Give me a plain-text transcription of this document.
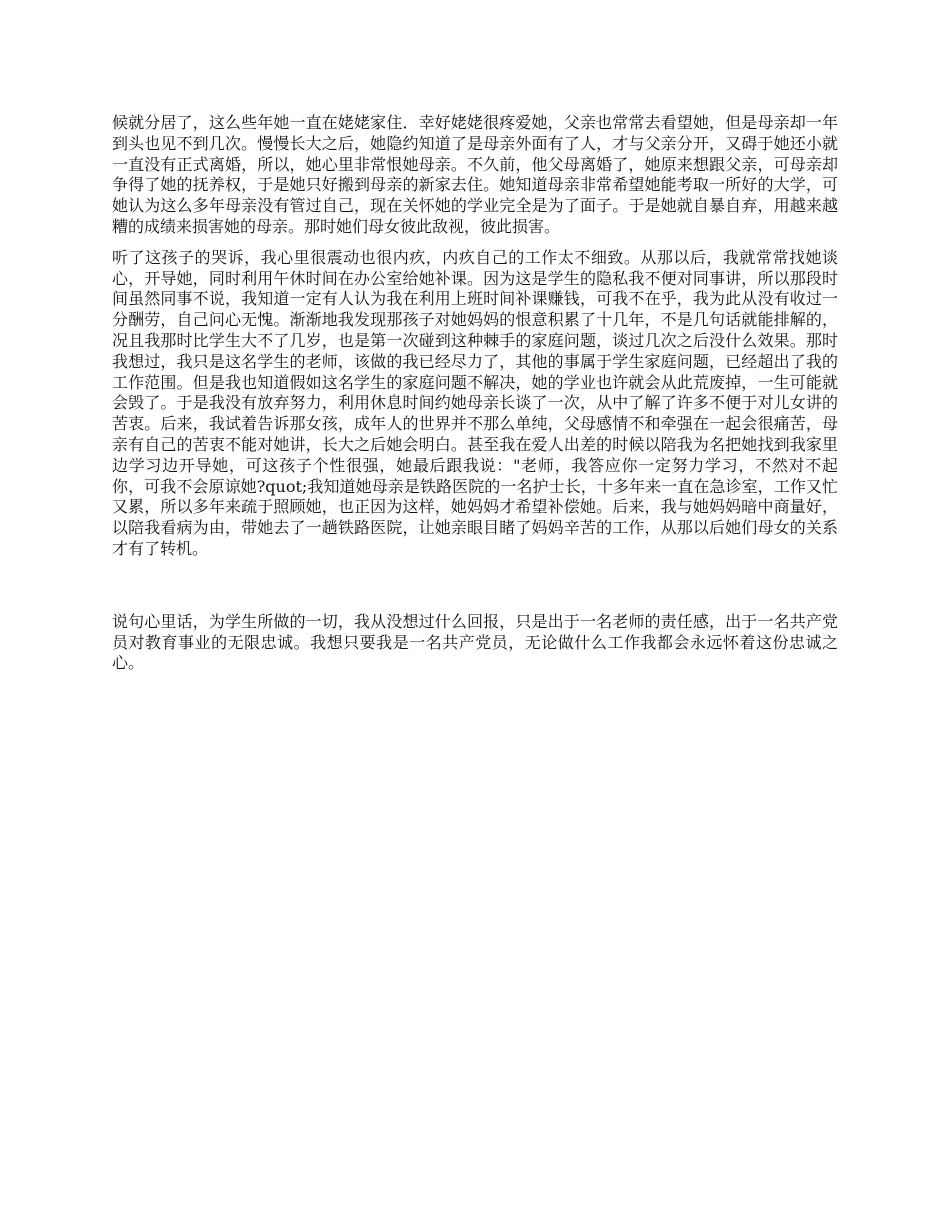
候就分居了，这么些年她一直在姥姥家住．幸好姥姥很疼爱她，父亲也常常去看望她，但是母亲却一年到头也见不到几次。慢慢长大之后，她隐约知道了是母亲外面有了人，才与父亲分开，又碍于她还小就一直没有正式离婚，所以，她心里非常恨她母亲。不久前，他父母离婚了，她原来想跟父亲，可母亲却争得了她的抚养权，于是她只好搬到母亲的新家去住。她知道母亲非常希望她能考取一所好的大学，可她认为这么多年母亲没有管过自己，现在关怀她的学业完全是为了面子。于是她就自暴自弃，用越来越糟的成绩来损害她的母亲。那时她们母女彼此敌视，彼此损害。

听了这孩子的哭诉，我心里很震动也很内疚，内疚自己的工作太不细致。从那以后，我就常常找她谈心，开导她，同时利用午休时间在办公室给她补课。因为这是学生的隐私我不便对同事讲，所以那段时间虽然同事不说，我知道一定有人认为我在利用上班时间补课赚钱，可我不在乎，我为此从没有收过一分酬劳，自己问心无愧。渐渐地我发现那孩子对她妈妈的恨意积累了十几年，不是几句话就能排解的，况且我那时比学生大不了几岁，也是第一次碰到这种棘手的家庭问题，谈过几次之后没什么效果。那时我想过，我只是这名学生的老师，该做的我已经尽力了，其他的事属于学生家庭问题，已经超出了我的工作范围。但是我也知道假如这名学生的家庭问题不解决，她的学业也许就会从此荒废掉，一生可能就会毁了。于是我没有放弃努力，利用休息时间约她母亲长谈了一次，从中了解了许多不便于对儿女讲的苦衷。后来，我试着告诉那女孩，成年人的世界并不那么单纯，父母感情不和牵强在一起会很痛苦，母亲有自己的苦衷不能对她讲，长大之后她会明白。甚至我在爱人出差的时候以陪我为名把她找到我家里边学习边开导她，可这孩子个性很强，她最后跟我说："老师，我答应你一定努力学习，不然对不起你，可我不会原谅她?quot;我知道她母亲是铁路医院的一名护士长，十多年来一直在急诊室，工作又忙又累，所以多年来疏于照顾她，也正因为这样，她妈妈才希望补偿她。后来，我与她妈妈暗中商量好，以陪我看病为由，带她去了一趟铁路医院，让她亲眼目睹了妈妈辛苦的工作，从那以后她们母女的关系才有了转机。

说句心里话，为学生所做的一切，我从没想过什么回报，只是出于一名老师的责任感，出于一名共产党员对教育事业的无限忠诚。我想只要我是一名共产党员，无论做什么工作我都会永远怀着这份忠诚之心。
